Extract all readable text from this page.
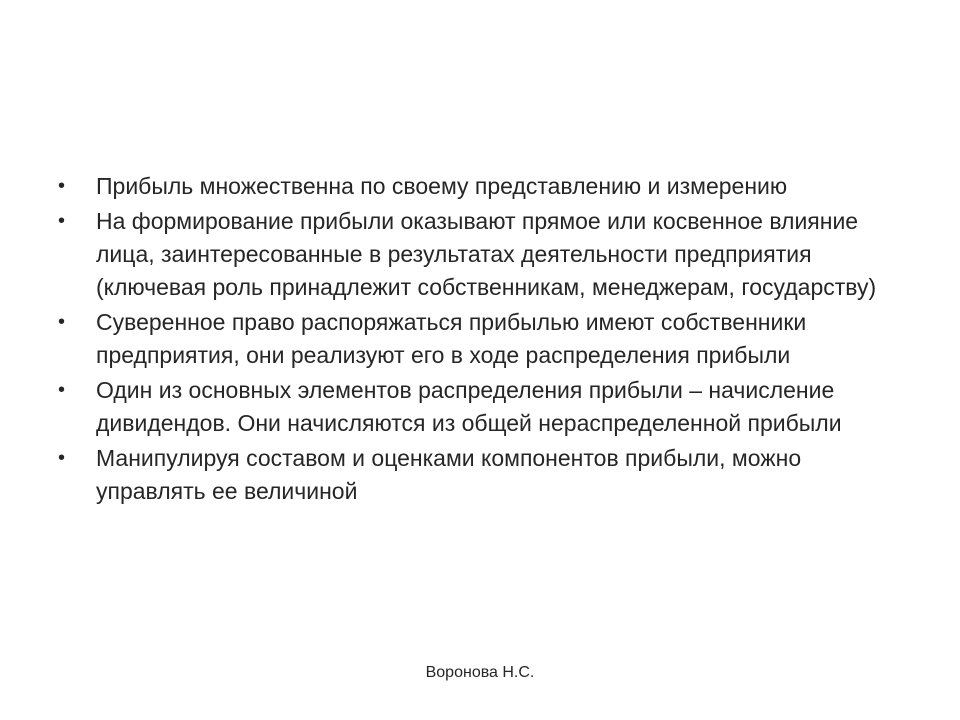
• Прибыль множественна по своему представлению и измерению
• На формирование прибыли оказывают прямое или косвенное влияние лица, заинтересованные в результатах деятельности предприятия (ключевая роль принадлежит собственникам, менеджерам, государству)
• Суверенное право распоряжаться прибылью имеют собственники предприятия, они реализуют его в ходе распределения прибыли
• Один из основных элементов распределения прибыли – начисление дивидендов. Они начисляются из общей нераспределенной прибыли
• Манипулируя составом и оценками компонентов прибыли, можно управлять ее величиной
Воронова Н.С.
